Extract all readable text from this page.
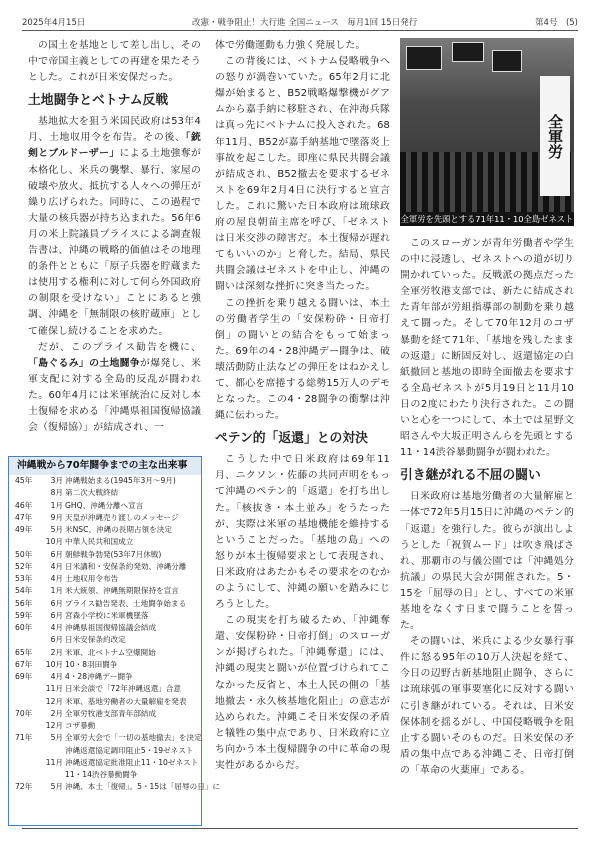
2025年4月15日	改憲・戦争阻止！大行進 全国ニュース　毎月1回 15日発行	第4号　(5)

の国土を基地として差し出し、その中で帝国主義としての再建を果たそうとした。これが日米安保だった。

土地闘争とベトナム反戦

基地拡大を狙う米国民政府は53年4月、土地収用令を布告。その後、「銃剣とブルドーザー」による土地強奪が本格化し、米兵の襲撃、暴行、家屋の破壊や放火、抵抗する人々への弾圧が繰り広げられた。同時に、この過程で大量の核兵器が持ち込まれた。56年6月の米上院議員プライスによる調査報告書は、沖縄の戦略的価値はその地理的条件とともに「原子兵器を貯蔵または使用する権利に対して何ら外国政府の制限を受けない」ことにあると強調、沖縄を「無制限の核貯蔵庫」として確保し続けることを求めた。

だが、このプライス勧告を機に、「島ぐるみ」の土地闘争が爆発し、米軍支配に対する全島的反乱が闘われた。60年4月には米軍統治に反対し本土復帰を求める「沖縄県祖国復帰協議会（復帰協）」が結成され、一

沖縄戦から70年闘争までの主な出来事
45年	3月 沖縄戦始まる(1945年3月～9月)
8月 第二次大戦終結
46年	1月 GHQ、沖縄分離へ宣言
47年	9月 天皇が沖縄売り渡しのメッセージ
49年	5月 米NSC、沖縄の長期占領を決定
10月 中華人民共和国成立
50年	6月 朝鮮戦争勃発(53年7月休戦)
52年	4月 日米講和・安保条約発効、沖縄分離
53年	4月 土地収用令布告
54年	1月 米大統領、沖縄無期限保持を宣言
56年	6月 プライス勧告発表、土地闘争始まる
59年	6月 宮森小学校に米軍機墜落
60年	4月 沖縄県祖国復帰協議会結成
6月 日米安保条約改定
65年	2月 米軍、北ベトナム空爆開始
67年 10月 10・8羽田闘争
69年	4月 4・28沖縄デー闘争
11月 日米会談で「72年沖縄返還」合意
12月 米軍、基地労働者の大量解雇を発表
70年	2月 全軍労牧港支部青年部結成
12月 コザ暴動
71年	5月 全軍労大会で「一切の基地撤去」を決定
沖縄返還協定調印阻止5・19ゼネスト
11月 沖縄返還協定批准阻止11・10ゼネスト
11・14渋谷暴動闘争
72年	5月 沖縄、本土「復帰」。5・15は「屈辱の日」に

体で労働運動も力強く発展した。

この背後には、ベトナム侵略戦争への怒りが渦巻いていた。65年2月に北爆が始まると、B52戦略爆撃機がグアムから嘉手納に移駐され、在沖海兵隊は真っ先にベトナムに投入された。68年11月、B52が嘉手納基地で墜落炎上事故を起こした。即座に県民共闘会議が結成され、B52撤去を要求するゼネストを69年2月4日に決行すると宣言した。これに驚いた日本政府は琉球政府の屋良朝苗主席を呼び、「ゼネストは日米交渉の障害だ。本土復帰が遅れてもいいのか」と脅した。結局、県民共闘会議はゼネストを中止し、沖縄の闘いは深刻な挫折に突き当たった。

この挫折を乗り越える闘いは、本土の労働者学生の「安保粉砕・日帝打倒」の闘いとの結合をもって始まった。69年の4・28沖縄デー闘争は、破壊活動防止法などの弾圧をはねかえして、都心を席捲する総勢15万人のデモとなった。この4・28闘争の衝撃は沖縄に伝わった。

ペテン的「返還」との対決

こうした中で日米政府は69年11月、ニクソン・佐藤の共同声明をもって沖縄のペテン的「返還」を打ち出した。「核抜き・本土並み」をうたったが、実際は米軍の基地機能を維持するということだった。「基地の島」への怒りが本土復帰要求として表現され、日米政府はあたかもその要求をのむかのようにして、沖縄の願いを踏みにじろうとした。

この現実を打ち破るため、「沖縄奪還、安保粉砕・日帝打倒」のスローガンが掲げられた。「沖縄奪還」には、沖縄の現実と闘いが位置づけられてこなかった反省と、本土人民の側の「基地撤去・永久核基地化阻止」の意志が込められた。沖縄こそ日米安保の矛盾と犠牲の集中点であり、日米政府に立ち向かう本土復帰闘争の中に革命の現実性があるからだ。

全軍労
全軍労を先頭とする71年11・10全島ゼネスト

このスローガンが青年労働者や学生の中に浸透し、ゼネストへの道が切り開かれていった。反戦派の拠点だった全軍労牧港支部では、新たに結成された青年部が労組指導部の制動を乗り越えて闘った。そして70年12月のコザ暴動を経て71年、「基地を残したままの返還」に断固反対し、返還協定の白紙撤回と基地の即時全面撤去を要求する全島ゼネストが5月19日と11月10日の2度にわたり決行された。この闘いと心を一つにして、本土では星野文昭さんや大坂正明さんらを先頭とする11・14渋谷暴動闘争が闘われた。

引き継がれる不屈の闘い

日米政府は基地労働者の大量解雇と一体で72年5月15日に沖縄のペテン的「返還」を強行した。彼らが演出しようとした「祝賀ムード」は吹き飛ばされ、那覇市の与儀公園では「沖縄処分抗議」の県民大会が開催された。5・15を「屈辱の日」とし、すべての米軍基地をなくす日まで闘うことを誓った。

その闘いは、米兵による少女暴行事件に怒る95年の10万人決起を経て、今日の辺野古新基地阻止闘争、さらには琉球弧の軍事要塞化に反対する闘いに引き継がれている。それは、日米安保体制を揺るがし、中国侵略戦争を阻止する闘いそのものだ。日米安保の矛盾の集中点である沖縄こそ、日帝打倒の「革命の火薬庫」である。
